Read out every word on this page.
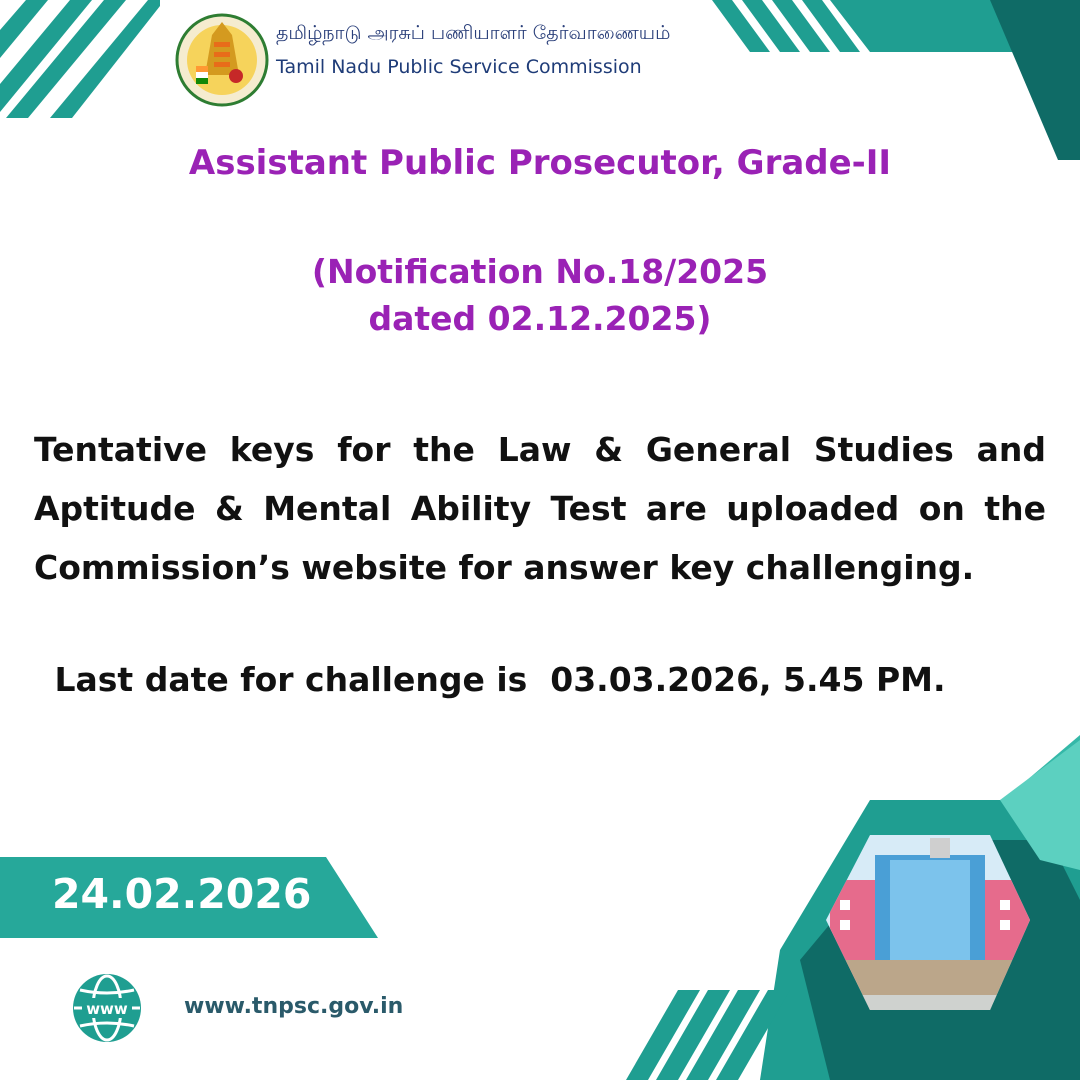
www
தமிழ்நாடு அரசுப் பணியாளர் தேர்வாணையம்
Tamil Nadu Public Service Commission
Assistant Public Prosecutor, Grade-II
(Notification No.18/2025
dated 02.12.2025)
Tentative keys for the Law & General Studies and Aptitude & Mental Ability Test are uploaded on the Commission’s website for answer key challenging.
Last date for challenge is  03.03.2026, 5.45 PM.
24.02.2026
www.tnpsc.gov.in
